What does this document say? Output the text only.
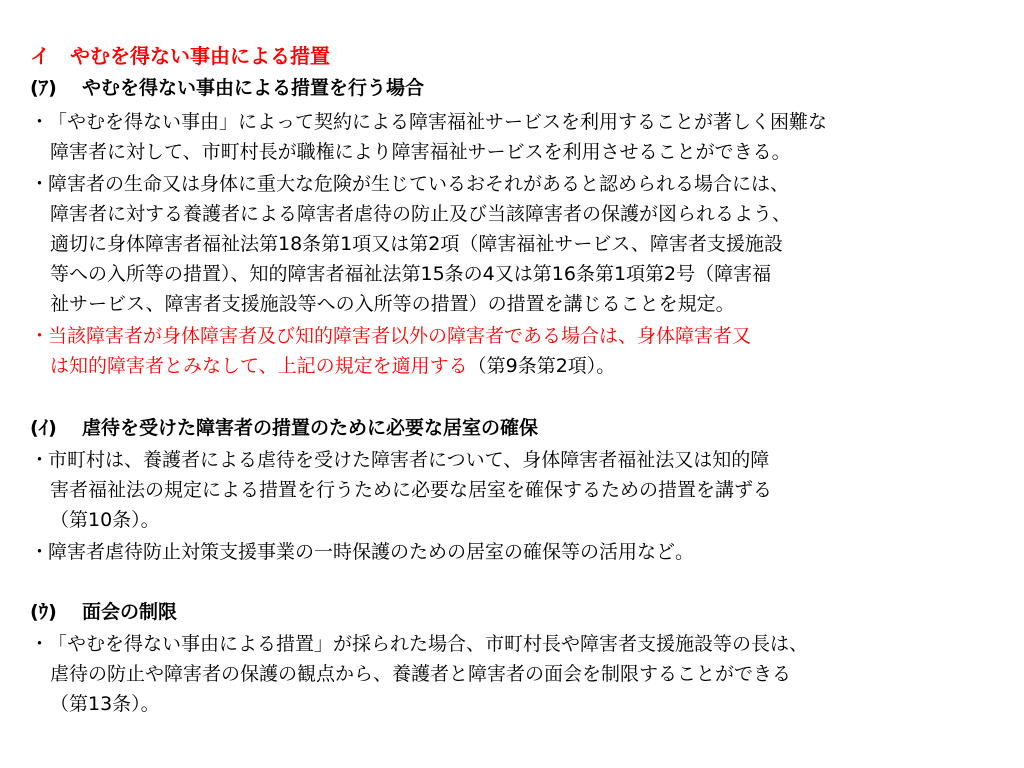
イ　やむを得ない事由による措置
(ｱ) やむを得ない事由による措置を行う場合
・「やむを得ない事由」によって契約による障害福祉サービスを利用することが著しく困難な
障害者に対して、市町村長が職権により障害福祉サービスを利用させることができる。
・障害者の生命又は身体に重大な危険が生じているおそれがあると認められる場合には、
障害者に対する養護者による障害者虐待の防止及び当該障害者の保護が図られるよう、
適切に身体障害者福祉法第18条第1項又は第2項（障害福祉サービス、障害者支援施設
等への入所等の措置）、知的障害者福祉法第15条の4又は第16条第1項第2号（障害福
祉サービス、障害者支援施設等への入所等の措置）の措置を講じることを規定。
・当該障害者が身体障害者及び知的障害者以外の障害者である場合は、身体障害者又
は知的障害者とみなして、上記の規定を適用する（第9条第2項）。
(ｲ) 虐待を受けた障害者の措置のために必要な居室の確保
・市町村は、養護者による虐待を受けた障害者について、身体障害者福祉法又は知的障
害者福祉法の規定による措置を行うために必要な居室を確保するための措置を講ずる
（第10条）。
・障害者虐待防止対策支援事業の一時保護のための居室の確保等の活用など。
(ｳ) 面会の制限
・「やむを得ない事由による措置」が採られた場合、市町村長や障害者支援施設等の長は、
虐待の防止や障害者の保護の観点から、養護者と障害者の面会を制限することができる
（第13条）。
